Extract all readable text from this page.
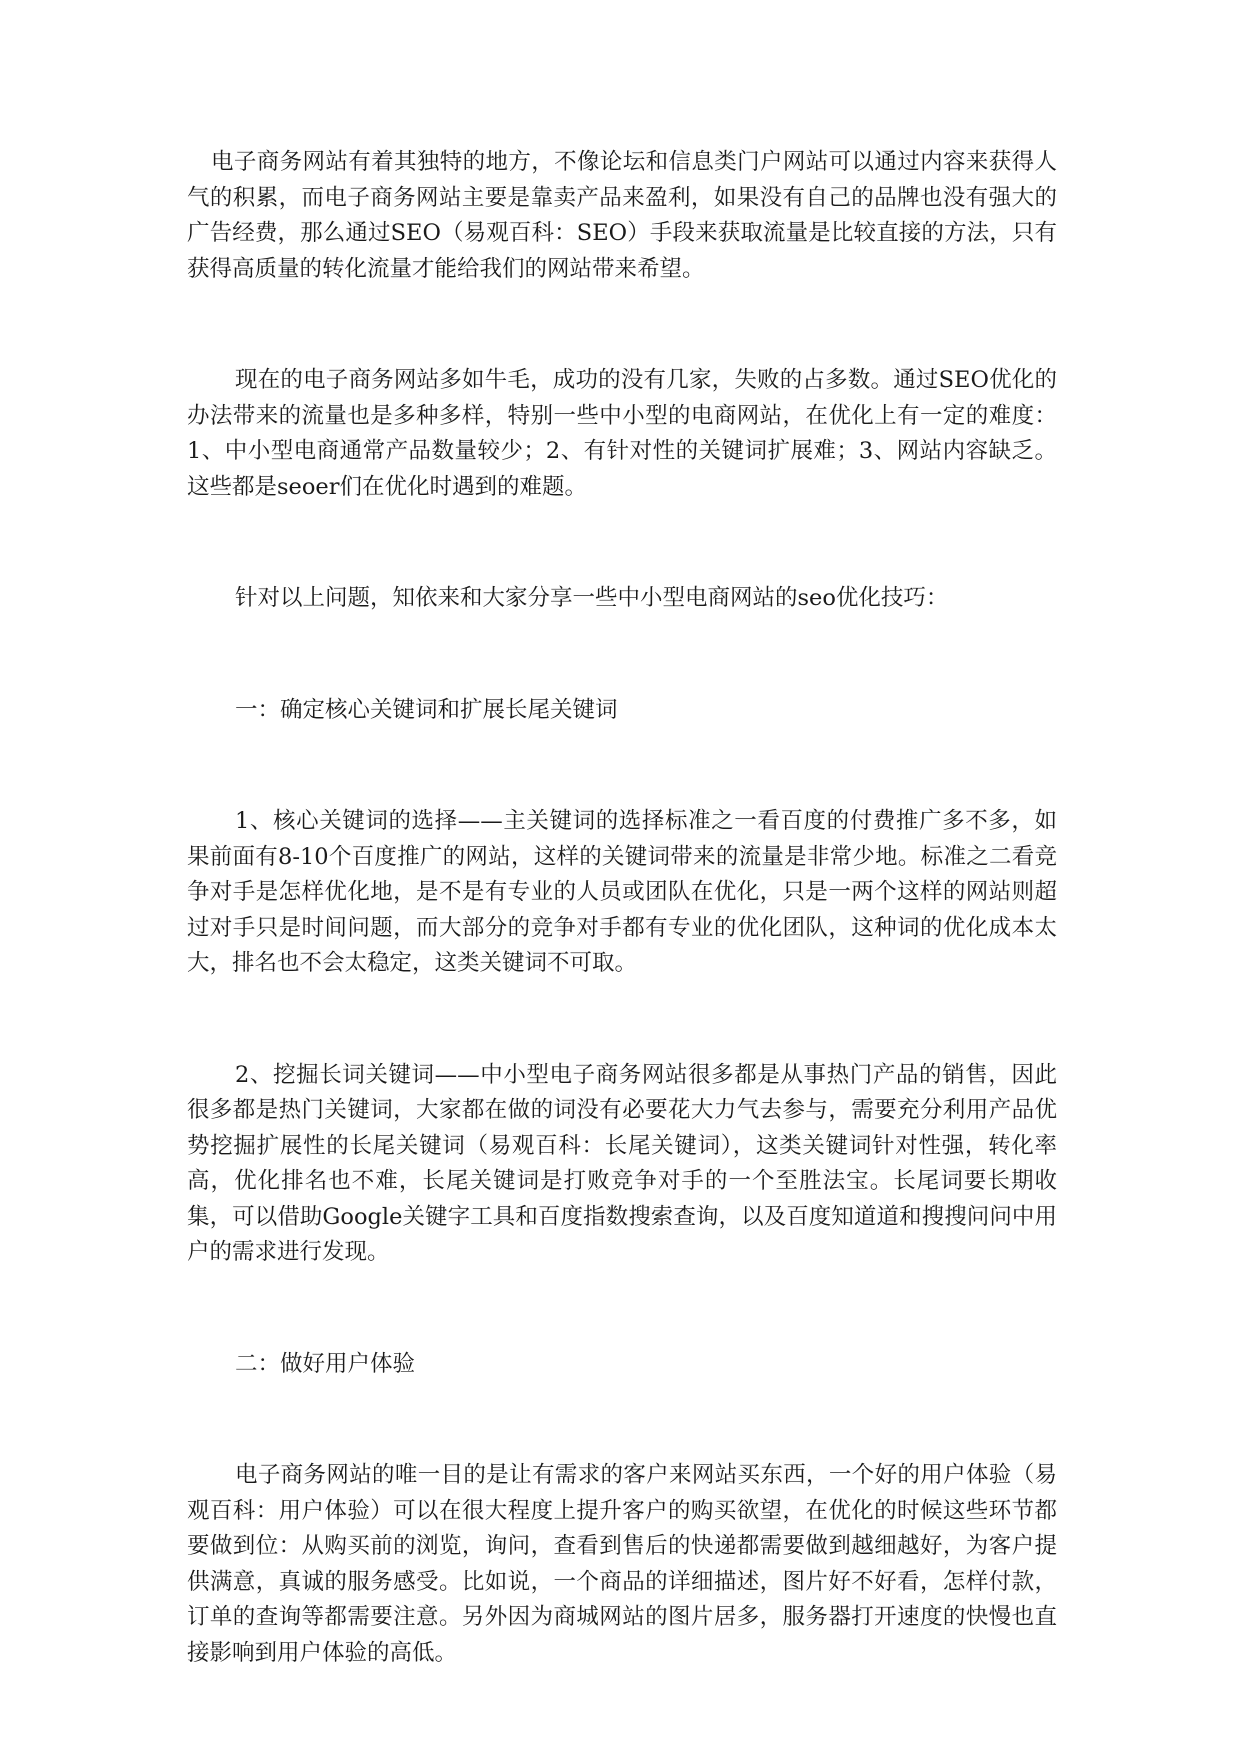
电子商务网站有着其独特的地方，不像论坛和信息类门户网站可以通过内容来获得人气的积累，而电子商务网站主要是靠卖产品来盈利，如果没有自己的品牌也没有强大的广告经费，那么通过SEO（易观百科：SEO）手段来获取流量是比较直接的方法，只有获得高质量的转化流量才能给我们的网站带来希望。

现在的电子商务网站多如牛毛，成功的没有几家，失败的占多数。通过SEO优化的办法带来的流量也是多种多样，特别一些中小型的电商网站，在优化上有一定的难度：1、中小型电商通常产品数量较少；2、有针对性的关键词扩展难；3、网站内容缺乏。这些都是seoer们在优化时遇到的难题。

针对以上问题，知依来和大家分享一些中小型电商网站的seo优化技巧：

一：确定核心关键词和扩展长尾关键词

1、核心关键词的选择——主关键词的选择标准之一看百度的付费推广多不多，如果前面有8-10个百度推广的网站，这样的关键词带来的流量是非常少地。标准之二看竞争对手是怎样优化地，是不是有专业的人员或团队在优化，只是一两个这样的网站则超过对手只是时间问题，而大部分的竞争对手都有专业的优化团队，这种词的优化成本太大，排名也不会太稳定，这类关键词不可取。

2、挖掘长词关键词——中小型电子商务网站很多都是从事热门产品的销售，因此很多都是热门关键词，大家都在做的词没有必要花大力气去参与，需要充分利用产品优势挖掘扩展性的长尾关键词（易观百科：长尾关键词），这类关键词针对性强，转化率高，优化排名也不难，长尾关键词是打败竞争对手的一个至胜法宝。长尾词要长期收集，可以借助Google关键字工具和百度指数搜索查询，以及百度知道道和搜搜问问中用户的需求进行发现。

二：做好用户体验

电子商务网站的唯一目的是让有需求的客户来网站买东西，一个好的用户体验（易观百科：用户体验）可以在很大程度上提升客户的购买欲望，在优化的时候这些环节都要做到位：从购买前的浏览，询问，查看到售后的快递都需要做到越细越好，为客户提供满意，真诚的服务感受。比如说，一个商品的详细描述，图片好不好看，怎样付款，订单的查询等都需要注意。另外因为商城网站的图片居多，服务器打开速度的快慢也直接影响到用户体验的高低。
